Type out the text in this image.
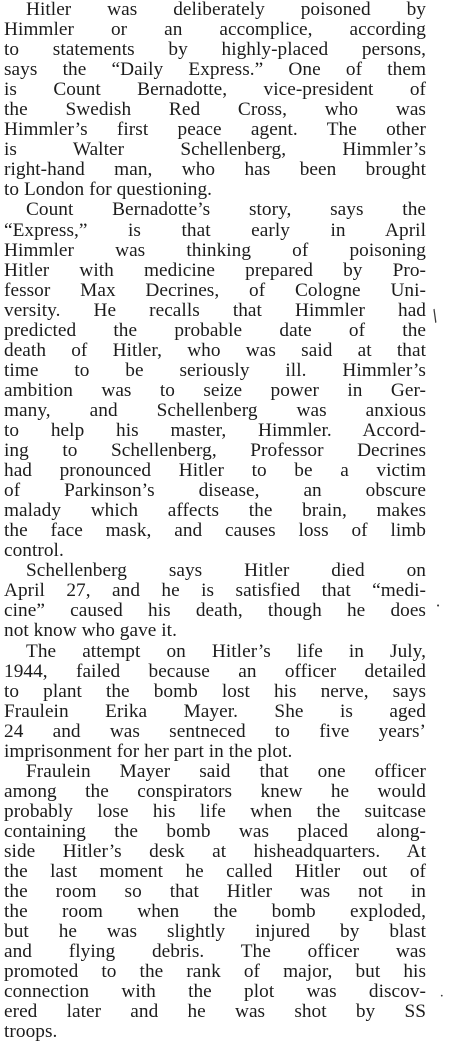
Hitler was deliberately poisoned by
Himmler or an accomplice, according
to statements by highly-placed persons,
says the “Daily Express.” One of them
is Count Bernadotte, vice-president of
the Swedish Red Cross, who was
Himmler’s first peace agent. The other
is Walter Schellenberg, Himmler’s
right-hand man, who has been brought
to London for questioning.
Count Bernadotte’s story, says the
“Express,” is that early in April
Himmler was thinking of poisoning
Hitler with medicine prepared by Pro-
fessor Max Decrines, of Cologne Uni-
versity. He recalls that Himmler had
predicted the probable date of the
death of Hitler, who was said at that
time to be seriously ill. Himmler’s
ambition was to seize power in Ger-
many, and Schellenberg was anxious
to help his master, Himmler. Accord-
ing to Schellenberg, Professor Decrines
had pronounced Hitler to be a victim
of Parkinson’s disease, an obscure
malady which affects the brain, makes
the face mask, and causes loss of limb
control.
Schellenberg says Hitler died on
April 27, and he is satisfied that “medi-
cine” caused his death, though he does
not know who gave it.
The attempt on Hitler’s life in July,
1944, failed because an officer detailed
to plant the bomb lost his nerve, says
Fraulein Erika Mayer. She is aged
24 and was sentneced to five years’
imprisonment for her part in the plot.
Fraulein Mayer said that one officer
among the conspirators knew he would
probably lose his life when the suitcase
containing the bomb was placed along-
side Hitler’s desk at hisheadquarters. At
the last moment he called Hitler out of
the room so that Hitler was not in
the room when the bomb exploded,
but he was slightly injured by blast
and flying debris. The officer was
promoted to the rank of major, but his
connection with the plot was discov-
ered later and he was shot by SS
troops.
/
•
•
